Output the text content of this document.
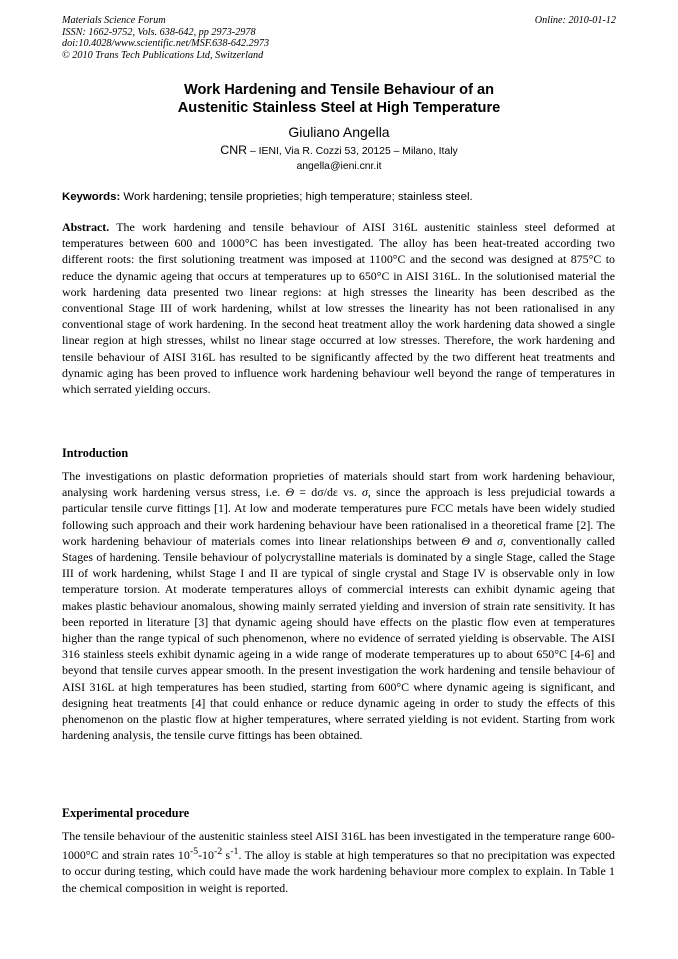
Materials Science Forum
ISSN: 1662-9752, Vols. 638-642, pp 2973-2978
doi:10.4028/www.scientific.net/MSF.638-642.2973
© 2010 Trans Tech Publications Ltd, Switzerland
Online: 2010-01-12
Work Hardening and Tensile Behaviour of an
Austenitic Stainless Steel at High Temperature
Giuliano Angella
CNR – IENI, Via R. Cozzi 53, 20125 – Milano, Italy
angella@ieni.cnr.it
Keywords: Work hardening; tensile proprieties; high temperature; stainless steel.
Abstract. The work hardening and tensile behaviour of AISI 316L austenitic stainless steel deformed at temperatures between 600 and 1000°C has been investigated. The alloy has been heat-treated according two different roots: the first solutioning treatment was imposed at 1100°C and the second was designed at 875°C to reduce the dynamic ageing that occurs at temperatures up to 650°C in AISI 316L. In the solutionised material the work hardening data presented two linear regions: at high stresses the linearity has been described as the conventional Stage III of work hardening, whilst at low stresses the linearity has not been rationalised in any conventional stage of work hardening. In the second heat treatment alloy the work hardening data showed a single linear region at high stresses, whilst no linear stage occurred at low stresses. Therefore, the work hardening and tensile behaviour of AISI 316L has resulted to be significantly affected by the two different heat treatments and dynamic aging has been proved to influence work hardening behaviour well beyond the range of temperatures in which serrated yielding occurs.
Introduction
The investigations on plastic deformation proprieties of materials should start from work hardening behaviour, analysing work hardening versus stress, i.e. Θ = dσ/dε vs. σ, since the approach is less prejudicial towards a particular tensile curve fittings [1]. At low and moderate temperatures pure FCC metals have been widely studied following such approach and their work hardening behaviour have been rationalised in a theoretical frame [2]. The work hardening behaviour of materials comes into linear relationships between Θ and σ, conventionally called Stages of hardening. Tensile behaviour of polycrystalline materials is dominated by a single Stage, called the Stage III of work hardening, whilst Stage I and II are typical of single crystal and Stage IV is observable only in low temperature torsion. At moderate temperatures alloys of commercial interests can exhibit dynamic ageing that makes plastic behaviour anomalous, showing mainly serrated yielding and inversion of strain rate sensitivity. It has been reported in literature [3] that dynamic ageing should have effects on the plastic flow even at temperatures higher than the range typical of such phenomenon, where no evidence of serrated yielding is observable. The AISI 316 stainless steels exhibit dynamic ageing in a wide range of moderate temperatures up to about 650°C [4-6] and beyond that tensile curves appear smooth. In the present investigation the work hardening and tensile behaviour of AISI 316L at high temperatures has been studied, starting from 600°C where dynamic ageing is significant, and designing heat treatments [4] that could enhance or reduce dynamic ageing in order to study the effects of this phenomenon on the plastic flow at higher temperatures, where serrated yielding is not evident. Starting from work hardening analysis, the tensile curve fittings has been obtained.
Experimental procedure
The tensile behaviour of the austenitic stainless steel AISI 316L has been investigated in the temperature range 600-1000°C and strain rates $10^{-5}-10^{-2}$ $s^{-1}$. The alloy is stable at high temperatures so that no precipitation was expected to occur during testing, which could have made the work hardening behaviour more complex to explain. In Table 1 the chemical composition in weight is reported.
